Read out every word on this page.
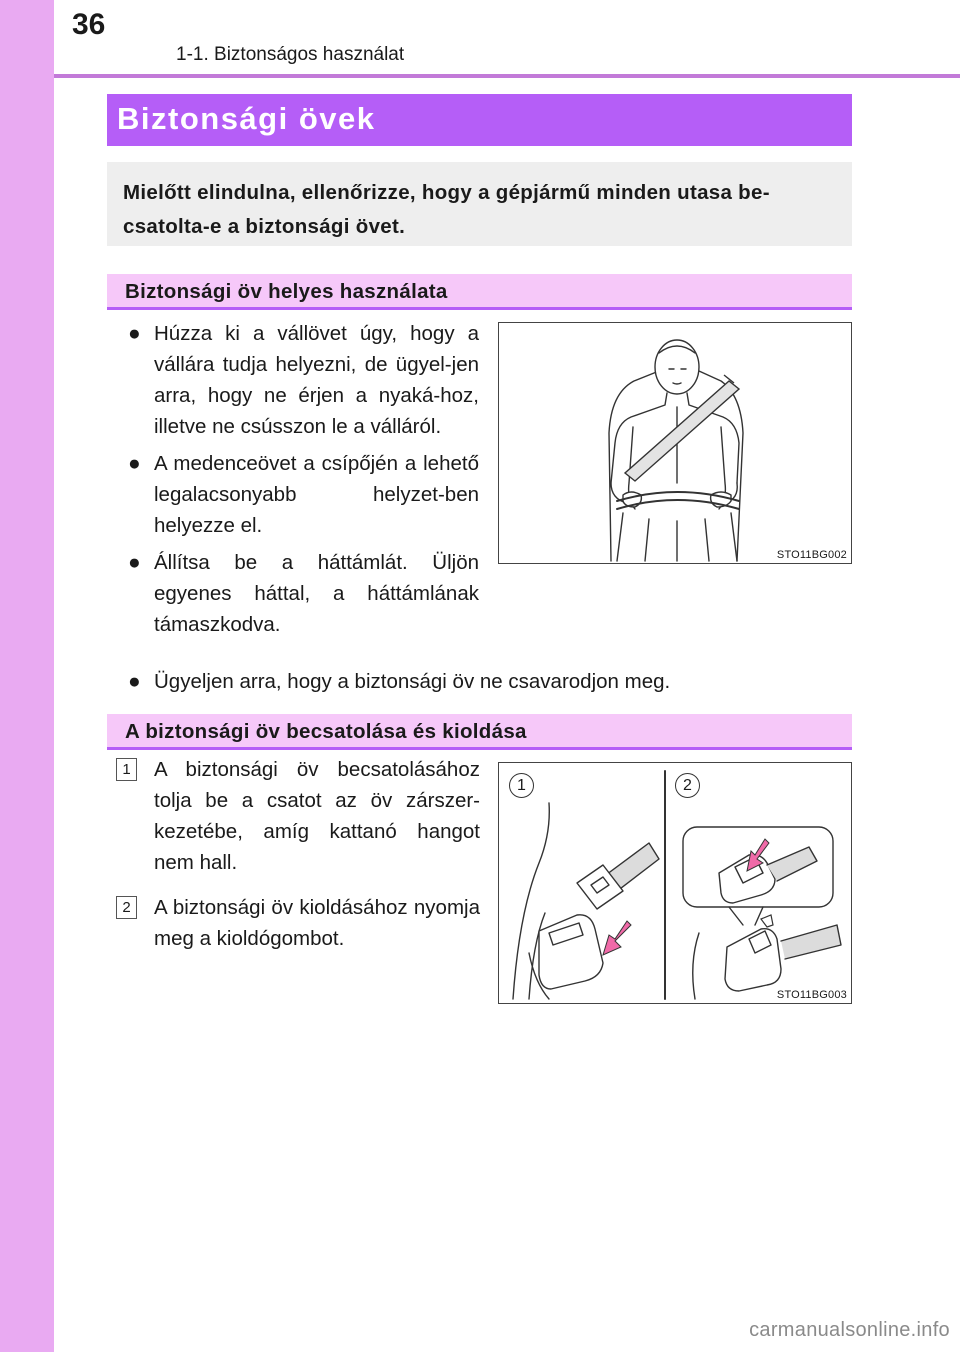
36
1-1. Biztonságos használat
Biztonsági övek
Mielőtt elindulna, ellenőrizze, hogy a gépjármű minden utasa be-csatolta-e a biztonsági övet.
Biztonsági öv helyes használata
● Húzza ki a vállövet úgy, hogy a vállára tudja helyezni, de ügyel-jen arra, hogy ne érjen a nyaká-hoz, illetve ne csússzon le a válláról.
● A medenceövet a csípőjén a lehető legalacsonyabb helyzet-ben helyezze el.
● Állítsa be a háttámlát. Üljön egyenes háttal, a háttámlának támaszkodva.
● Ügyeljen arra, hogy a biztonsági öv ne csavarodjon meg.
STO11BG002
A biztonsági öv becsatolása és kioldása
1	A biztonsági öv becsatolásához tolja be a csatot az öv zárszer-kezetébe, amíg kattanó hangot nem hall.
2	A biztonsági öv kioldásához nyomja meg a kioldógombot.
1	2
STO11BG003
carmanualsonline.info
